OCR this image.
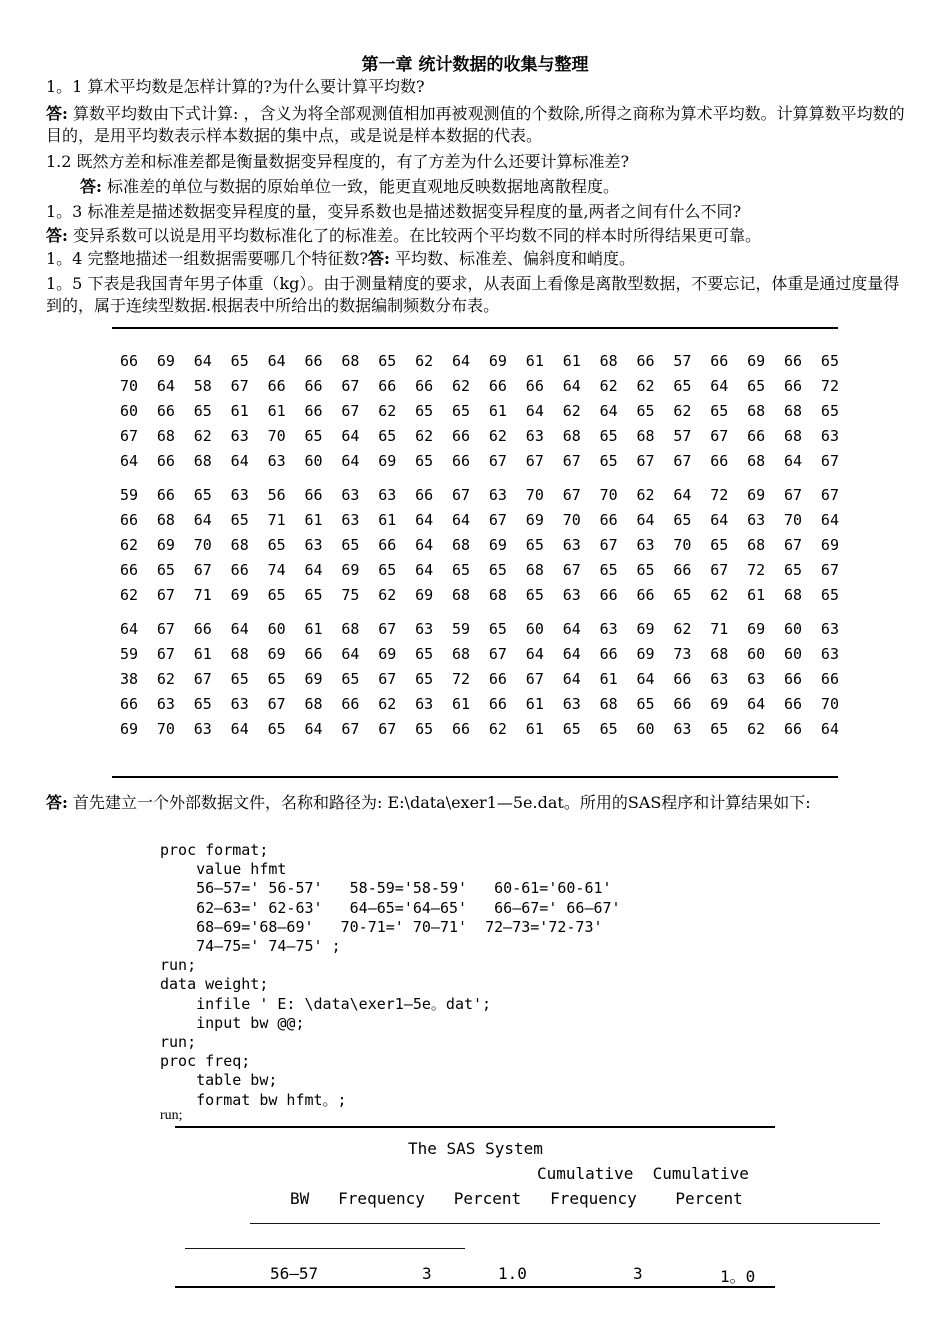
第一章 统计数据的收集与整理
1。1 算术平均数是怎样计算的?为什么要计算平均数?
答: 算数平均数由下式计算: ，含义为将全部观测值相加再被观测值的个数除,所得之商称为算术平均数。计算算数平均数的目的，是用平均数表示样本数据的集中点，或是说是样本数据的代表。
1.2 既然方差和标准差都是衡量数据变异程度的，有了方差为什么还要计算标准差?
答: 标准差的单位与数据的原始单位一致，能更直观地反映数据地离散程度。
1。3 标准差是描述数据变异程度的量，变异系数也是描述数据变异程度的量,两者之间有什么不同?
答: 变异系数可以说是用平均数标准化了的标准差。在比较两个平均数不同的样本时所得结果更可靠。
1。4 完整地描述一组数据需要哪几个特征数?答: 平均数、标准差、偏斜度和峭度。
1。5 下表是我国青年男子体重（kg）。由于测量精度的要求，从表面上看像是离散型数据，不要忘记，体重是通过度量得到的，属于连续型数据.根据表中所给出的数据编制频数分布表。
66 69 64 65 64 66 68 65 62 64 69 61 61 68 66 57 66 69 66 65
70 64 58 67 66 66 67 66 66 62 66 66 64 62 62 65 64 65 66 72
60 66 65 61 61 66 67 62 65 65 61 64 62 64 65 62 65 68 68 65
67 68 62 63 70 65 64 65 62 66 62 63 68 65 68 57 67 66 68 63
64 66 68 64 63 60 64 69 65 66 67 67 67 65 67 67 66 68 64 67
59 66 65 63 56 66 63 63 66 67 63 70 67 70 62 64 72 69 67 67
66 68 64 65 71 61 63 61 64 64 67 69 70 66 64 65 64 63 70 64
62 69 70 68 65 63 65 66 64 68 69 65 63 67 63 70 65 68 67 69
66 65 67 66 74 64 69 65 64 65 65 68 67 65 65 66 67 72 65 67
62 67 71 69 65 65 75 62 69 68 68 65 63 66 66 65 62 61 68 65
64 67 66 64 60 61 68 67 63 59 65 60 64 63 69 62 71 69 60 63
59 67 61 68 69 66 64 69 65 68 67 64 64 66 69 73 68 60 60 63
38 62 67 65 65 69 65 67 65 72 66 67 64 61 64 66 63 63 66 66
66 63 65 63 67 68 66 62 63 61 66 61 63 68 65 66 69 64 66 70
69 70 63 64 65 64 67 67 65 66 62 61 65 65 60 63 65 62 66 64
答: 首先建立一个外部数据文件，名称和路径为: E:\data\exer1—5e.dat。所用的SAS程序和计算结果如下:
proc format;
value hfmt
56—57=' 56-57'   58-59='58-59'   60-61='60-61'
62—63=' 62-63'   64—65='64—65'   66—67=' 66—67'
68—69='68—69'   70-71=' 70—71'  72—73='72-73'
74—75=' 74—75' ;
run;
data weight;
infile ' E: \data\exer1—5e。dat';
input bw @@;
run;
proc freq;
table bw;
format bw hfmt。;
run;
The SAS System
Cumulative  Cumulative
BW   Frequency   Percent   Frequency    Percent
—————————————————————————————————————————————
————————————————————
56—57	3	1.0	3	1。0
